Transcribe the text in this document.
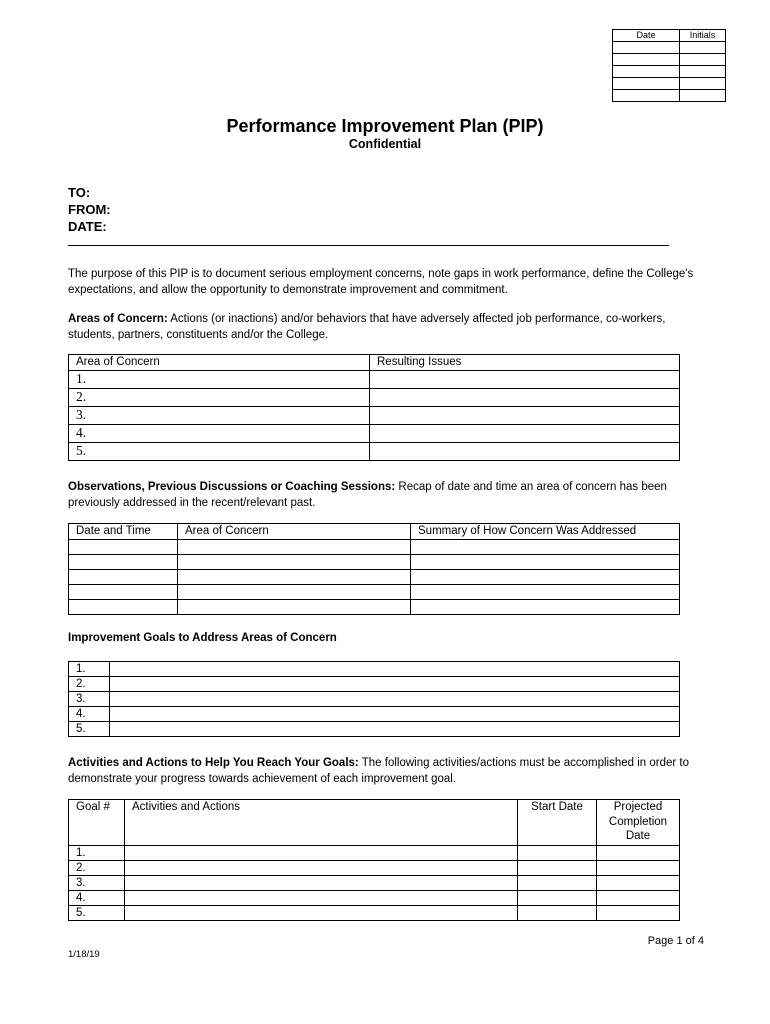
Date	Initials

Performance Improvement Plan (PIP)
Confidential
TO:
FROM:
DATE:
The purpose of this PIP is to document serious employment concerns, note gaps in work performance, define the College's expectations, and allow the opportunity to demonstrate improvement and commitment.
Areas of Concern: Actions (or inactions) and/or behaviors that have adversely affected job performance, co-workers, students, partners, constituents and/or the College.
Area of Concern	Resulting Issues
1.	
2.	
3.	
4.	
5.	
Observations, Previous Discussions or Coaching Sessions: Recap of date and time an area of concern has been previously addressed in the recent/relevant past.
Date and Time	Area of Concern	Summary of How Concern Was Addressed

Improvement Goals to Address Areas of Concern
1.	
2.	
3.	
4.	
5.	
Activities and Actions to Help You Reach Your Goals: The following activities/actions must be accomplished in order to demonstrate your progress towards achievement of each improvement goal.
Goal #	Activities and Actions	Start Date	Projected Completion Date
1.			
2.			
3.			
4.			
5.			
Page 1 of 4
1/18/19
